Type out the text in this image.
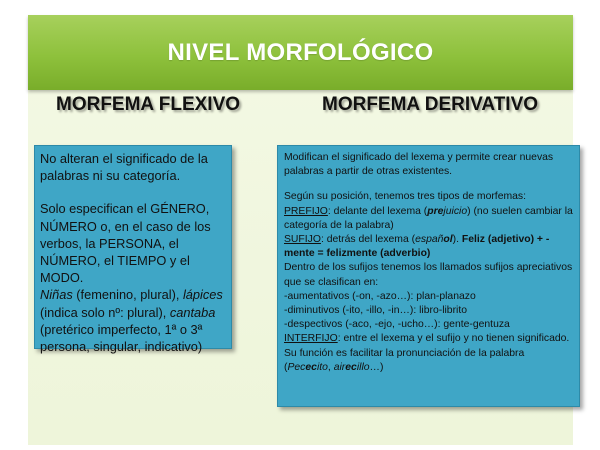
NIVEL MORFOLÓGICO
MORFEMA FLEXIVO	MORFEMA DERIVATIVO

No alteran el significado de la palabras ni su categoría.

Solo especifican el GÉNERO, NÚMERO o, en el caso de los verbos, la PERSONA, el NÚMERO, el TIEMPO y el MODO.

Niñas (femenino, plural), lápices (indica solo nº: plural), cantaba (pretérico imperfecto, 1ª o 3ª persona, singular, indicativo)

Modifican el significado del lexema y permite crear nuevas palabras a partir de otras existentes.

Según su posición, tenemos tres tipos de morfemas:

PREFIJO: delante del lexema (prejuicio) (no suelen cambiar la categoría de la palabra)

SUFIJO: detrás del lexema (español). Feliz (adjetivo) + -mente = felizmente (adverbio)

Dentro de los sufijos tenemos los llamados sufijos apreciativos que se clasifican en:

-aumentativos (-on, -azo…): plan-planazo

-diminutivos (-ito, -illo, -in…): libro-librito

-despectivos (-aco, -ejo, -ucho…): gente-gentuza

INTERFIJO: entre el lexema y el sufijo y no tienen significado. Su función es facilitar la pronunciación de la palabra (Pececito, airecillo…)
